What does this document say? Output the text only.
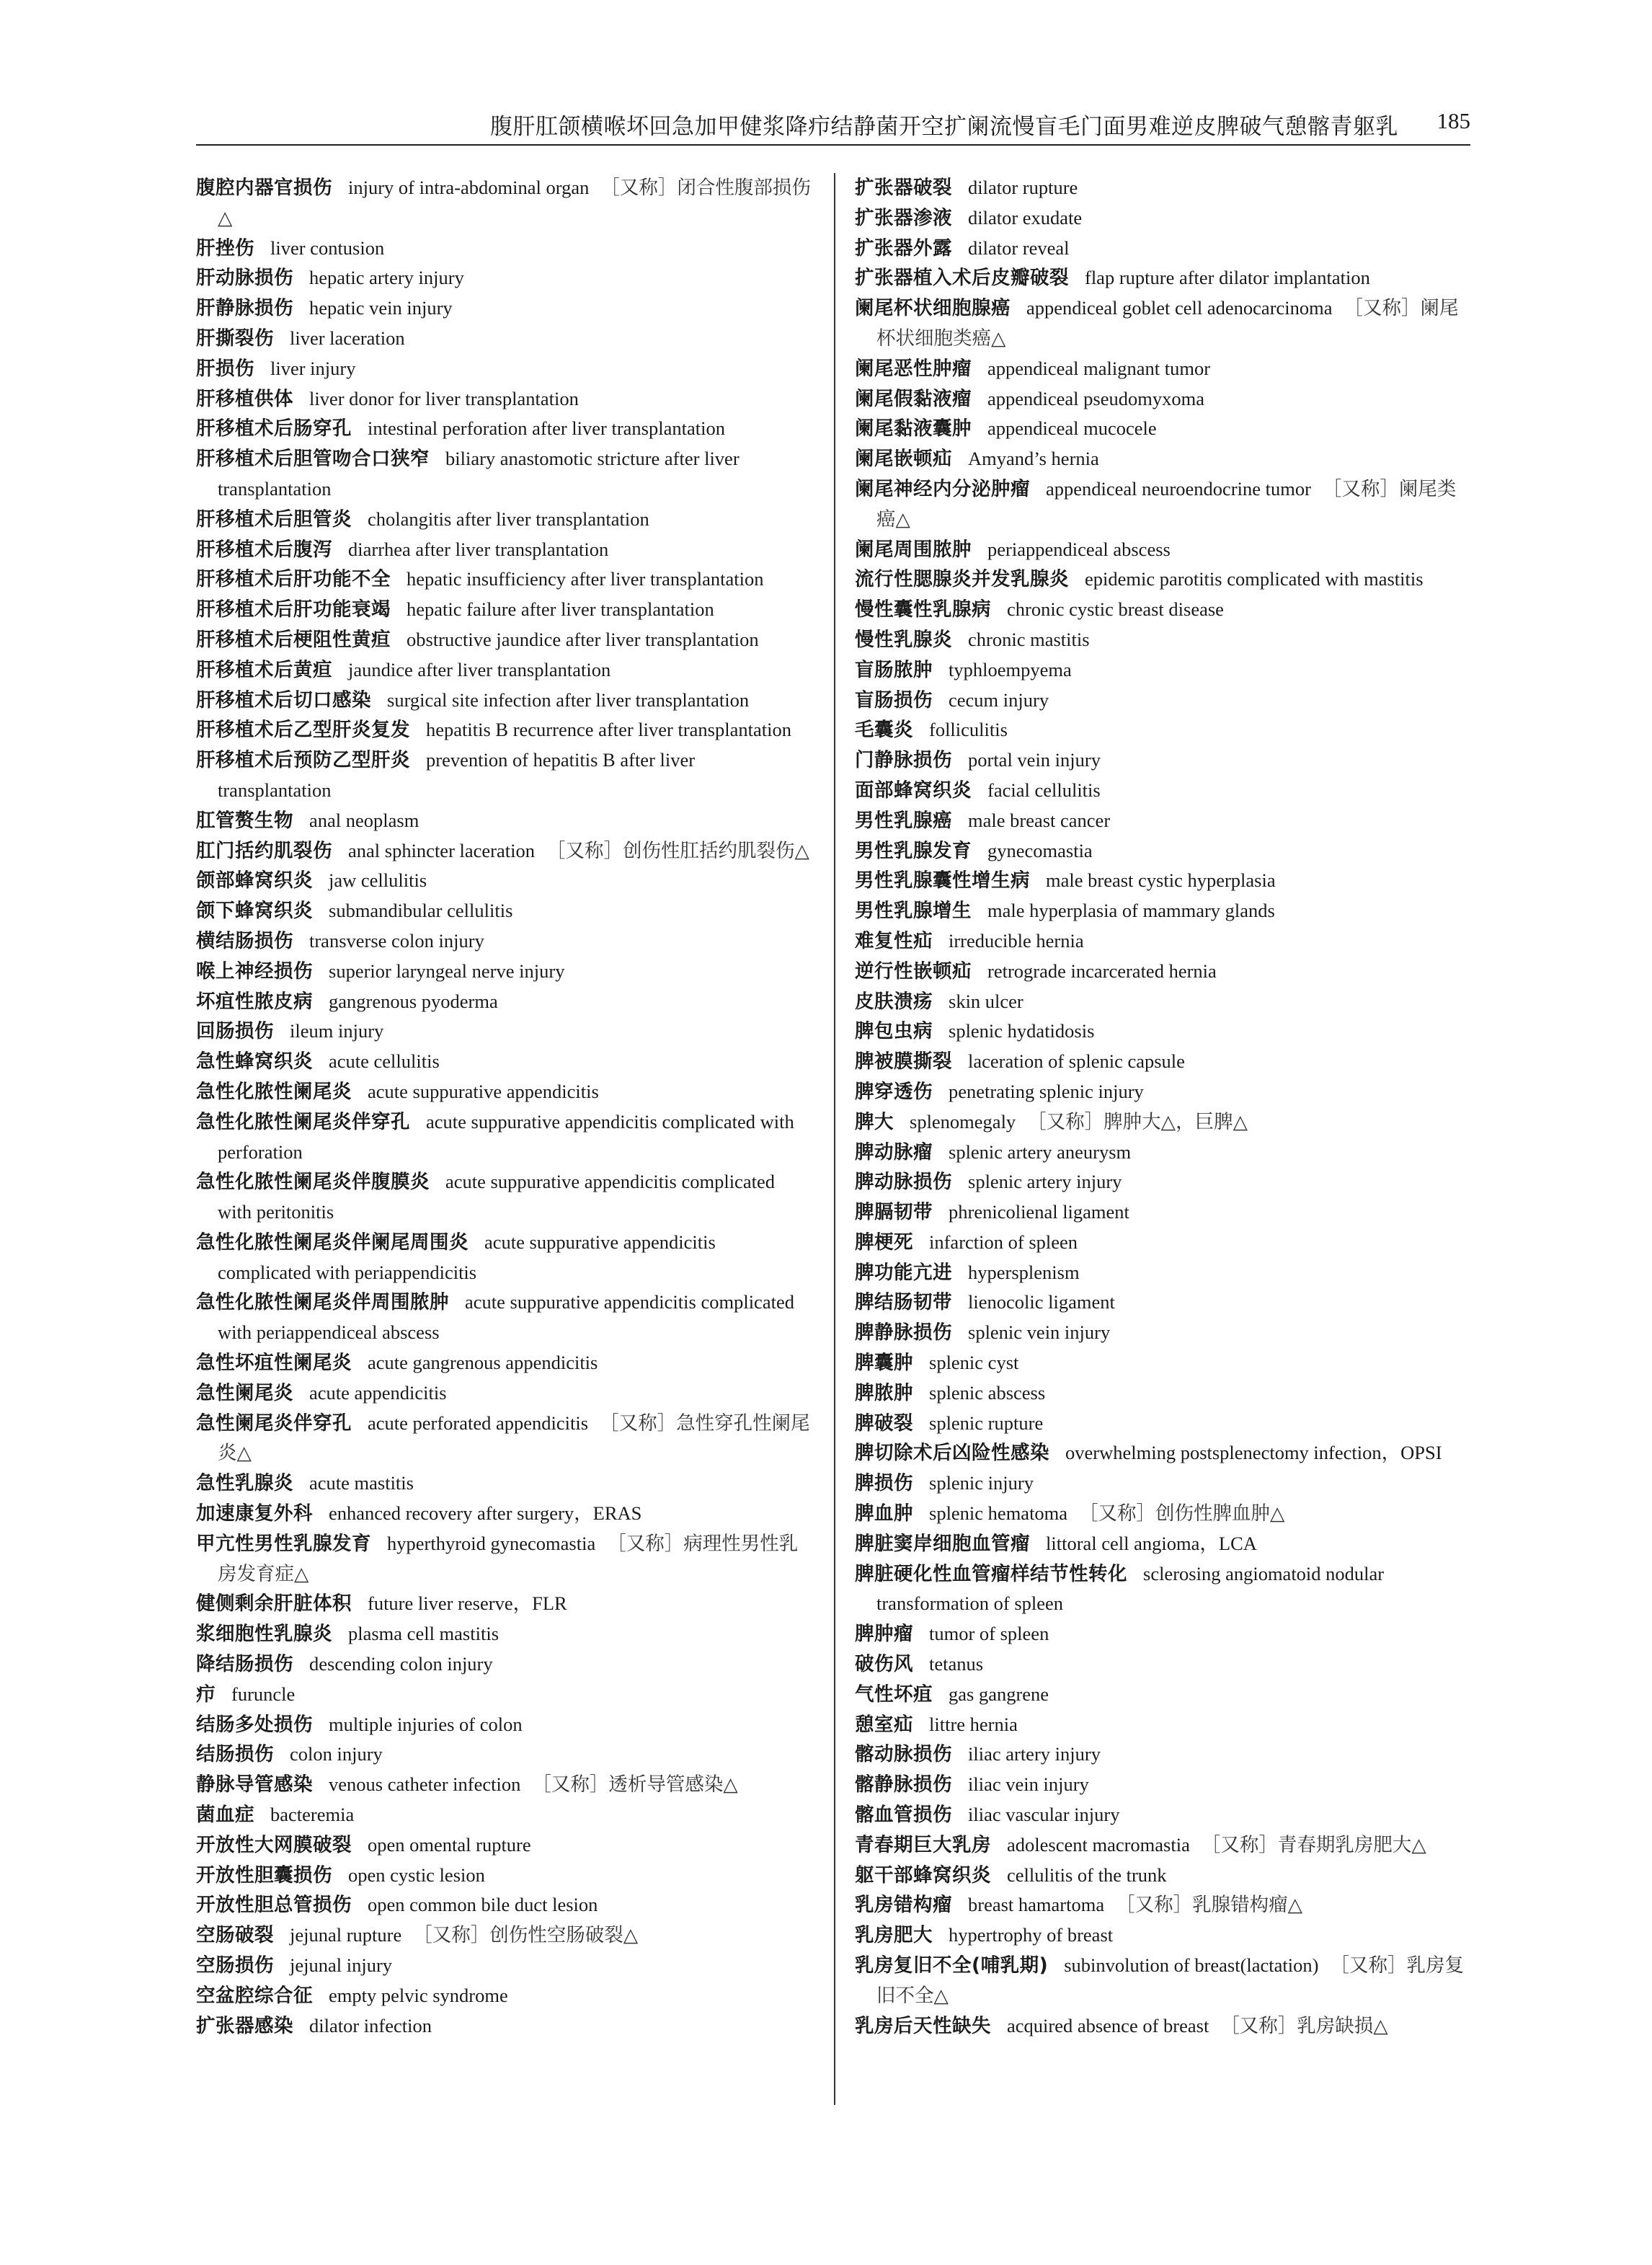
腹肝肛颌横喉坏回急加甲健浆降疖结静菌开空扩阑流慢盲毛门面男难逆皮脾破气憩髂青躯乳 185

腹腔内器官损伤 injury of intra-abdominal organ ［又称］闭合性腹部损伤△

肝挫伤 liver contusion

肝动脉损伤 hepatic artery injury

肝静脉损伤 hepatic vein injury

肝撕裂伤 liver laceration

肝损伤 liver injury

肝移植供体 liver donor for liver transplantation

肝移植术后肠穿孔 intestinal perforation after liver transplantation

肝移植术后胆管吻合口狭窄 biliary anastomotic stricture after liver transplantation

肝移植术后胆管炎 cholangitis after liver transplantation

肝移植术后腹泻 diarrhea after liver transplantation

肝移植术后肝功能不全 hepatic insufficiency after liver transplantation

肝移植术后肝功能衰竭 hepatic failure after liver transplantation

肝移植术后梗阻性黄疸 obstructive jaundice after liver transplantation

肝移植术后黄疸 jaundice after liver transplantation

肝移植术后切口感染 surgical site infection after liver transplantation

肝移植术后乙型肝炎复发 hepatitis B recurrence after liver transplantation

肝移植术后预防乙型肝炎 prevention of hepatitis B after liver transplantation

肛管赘生物 anal neoplasm

肛门括约肌裂伤 anal sphincter laceration ［又称］创伤性肛括约肌裂伤△

颌部蜂窝织炎 jaw cellulitis

颌下蜂窝织炎 submandibular cellulitis

横结肠损伤 transverse colon injury

喉上神经损伤 superior laryngeal nerve injury

坏疽性脓皮病 gangrenous pyoderma

回肠损伤 ileum injury

急性蜂窝织炎 acute cellulitis

急性化脓性阑尾炎 acute suppurative appendicitis

急性化脓性阑尾炎伴穿孔 acute suppurative appendicitis complicated with perforation

急性化脓性阑尾炎伴腹膜炎 acute suppurative appendicitis complicated with peritonitis

急性化脓性阑尾炎伴阑尾周围炎 acute suppurative appendicitis complicated with periappendicitis

急性化脓性阑尾炎伴周围脓肿 acute suppurative appendicitis complicated with periappendiceal abscess

急性坏疽性阑尾炎 acute gangrenous appendicitis

急性阑尾炎 acute appendicitis

急性阑尾炎伴穿孔 acute perforated appendicitis ［又称］急性穿孔性阑尾炎△

急性乳腺炎 acute mastitis

加速康复外科 enhanced recovery after surgery，ERAS

甲亢性男性乳腺发育 hyperthyroid gynecomastia ［又称］病理性男性乳房发育症△

健侧剩余肝脏体积 future liver reserve，FLR

浆细胞性乳腺炎 plasma cell mastitis

降结肠损伤 descending colon injury

疖 furuncle

结肠多处损伤 multiple injuries of colon

结肠损伤 colon injury

静脉导管感染 venous catheter infection ［又称］透析导管感染△

菌血症 bacteremia

开放性大网膜破裂 open omental rupture

开放性胆囊损伤 open cystic lesion

开放性胆总管损伤 open common bile duct lesion

空肠破裂 jejunal rupture ［又称］创伤性空肠破裂△

空肠损伤 jejunal injury

空盆腔综合征 empty pelvic syndrome

扩张器感染 dilator infection

扩张器破裂 dilator rupture

扩张器渗液 dilator exudate

扩张器外露 dilator reveal

扩张器植入术后皮瓣破裂 flap rupture after dilator implantation

阑尾杯状细胞腺癌 appendiceal goblet cell adenocarcinoma ［又称］阑尾杯状细胞类癌△

阑尾恶性肿瘤 appendiceal malignant tumor

阑尾假黏液瘤 appendiceal pseudomyxoma

阑尾黏液囊肿 appendiceal mucocele

阑尾嵌顿疝 Amyand’s hernia

阑尾神经内分泌肿瘤 appendiceal neuroendocrine tumor ［又称］阑尾类癌△

阑尾周围脓肿 periappendiceal abscess

流行性腮腺炎并发乳腺炎 epidemic parotitis complicated with mastitis

慢性囊性乳腺病 chronic cystic breast disease

慢性乳腺炎 chronic mastitis

盲肠脓肿 typhloempyema

盲肠损伤 cecum injury

毛囊炎 folliculitis

门静脉损伤 portal vein injury

面部蜂窝织炎 facial cellulitis

男性乳腺癌 male breast cancer

男性乳腺发育 gynecomastia

男性乳腺囊性增生病 male breast cystic hyperplasia

男性乳腺增生 male hyperplasia of mammary glands

难复性疝 irreducible hernia

逆行性嵌顿疝 retrograde incarcerated hernia

皮肤溃疡 skin ulcer

脾包虫病 splenic hydatidosis

脾被膜撕裂 laceration of splenic capsule

脾穿透伤 penetrating splenic injury

脾大 splenomegaly ［又称］脾肿大△，巨脾△

脾动脉瘤 splenic artery aneurysm

脾动脉损伤 splenic artery injury

脾膈韧带 phrenicolienal ligament

脾梗死 infarction of spleen

脾功能亢进 hypersplenism

脾结肠韧带 lienocolic ligament

脾静脉损伤 splenic vein injury

脾囊肿 splenic cyst

脾脓肿 splenic abscess

脾破裂 splenic rupture

脾切除术后凶险性感染 overwhelming postsplenectomy infection，OPSI

脾损伤 splenic injury

脾血肿 splenic hematoma ［又称］创伤性脾血肿△

脾脏窦岸细胞血管瘤 littoral cell angioma，LCA

脾脏硬化性血管瘤样结节性转化 sclerosing angiomatoid nodular transformation of spleen

脾肿瘤 tumor of spleen

破伤风 tetanus

气性坏疽 gas gangrene

憩室疝 littre hernia

髂动脉损伤 iliac artery injury

髂静脉损伤 iliac vein injury

髂血管损伤 iliac vascular injury

青春期巨大乳房 adolescent macromastia ［又称］青春期乳房肥大△

躯干部蜂窝织炎 cellulitis of the trunk

乳房错构瘤 breast hamartoma ［又称］乳腺错构瘤△

乳房肥大 hypertrophy of breast

乳房复旧不全(哺乳期) subinvolution of breast(lactation) ［又称］乳房复旧不全△

乳房后天性缺失 acquired absence of breast ［又称］乳房缺损△
